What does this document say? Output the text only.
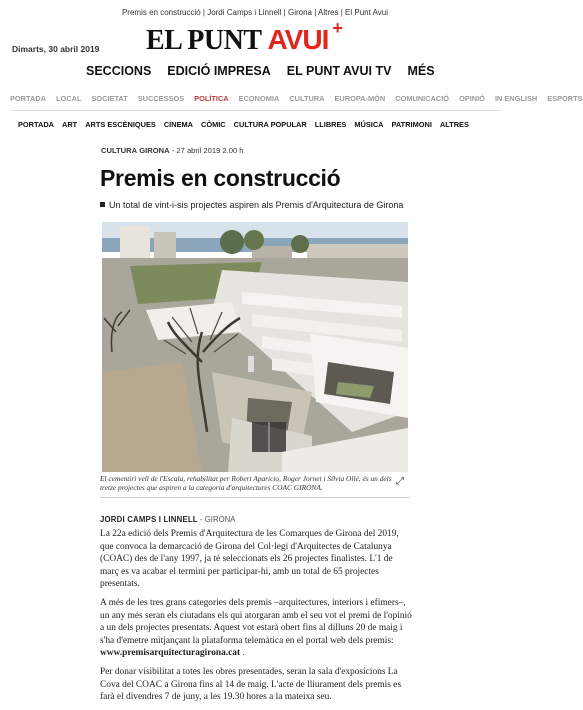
Premis en construcció | Jordi Camps i Linnell | Girona | Altres | El Punt Avui
Dimarts, 30 abril 2019 EL PUNT AVUI +
SECCIONS EDICIÓ IMPRESA EL PUNT AVUI TV MÉS
PORTADA LOCAL SOCIETAT SUCCESSOS POLÍTICA ECONOMIA CULTURA EUROPA-MÓN COMUNICACIÓ OPINIÓ IN ENGLISH ESPORTS
PORTADA ART ARTS ESCÈNIQUES CINEMA CÒMIC CULTURA POPULAR LLIBRES MÚSICA PATRIMONI ALTRES
CULTURA GIRONA - 27 abril 2019 2.00 h
Premis en construcció
Un total de vint-i-sis projectes aspiren als Premis d'Arquitectura de Girona
El cementiri vell de l'Escala, rehabilitat per Robert Aparicio, Roger Jornet i Sílvia Ollé, és un dels tretze projectes que aspiren a la categoria d'arquitectures COAC GIRONA.
⤢
JORDI CAMPS I LINNELL - GIRONA

La 22a edició dels Premis d'Arquitectura de les Comarques de Girona del 2019, que convoca la demarcació de Girona del Col·legi d'Arquitectes de Catalunya (COAC) des de l'any 1997, ja té seleccionats els 26 projectes finalistes. L'1 de març es va acabar el termini per participar-hi, amb un total de 65 projectes presentats.

A més de les tres grans categories dels premis –arquitectures, interiors i efímers–, un any més seran els ciutadans els qui atorgaran amb el seu vot el premi de l'opinió a un dels projectes presentats. Aquest vot estarà obert fins al dilluns 20 de maig i s'ha d'emetre mitjançant la plataforma telemàtica en el portal web dels premis: www.premisarquitecturagirona.cat .

Per donar visibilitat a totes les obres presentades, seran la sala d'exposicions La Cova del COAC a Girona fins al 14 de maig. L'acte de lliurament dels premis es farà el divendres 7 de juny, a les 19.30 hores a la mateixa seu.
